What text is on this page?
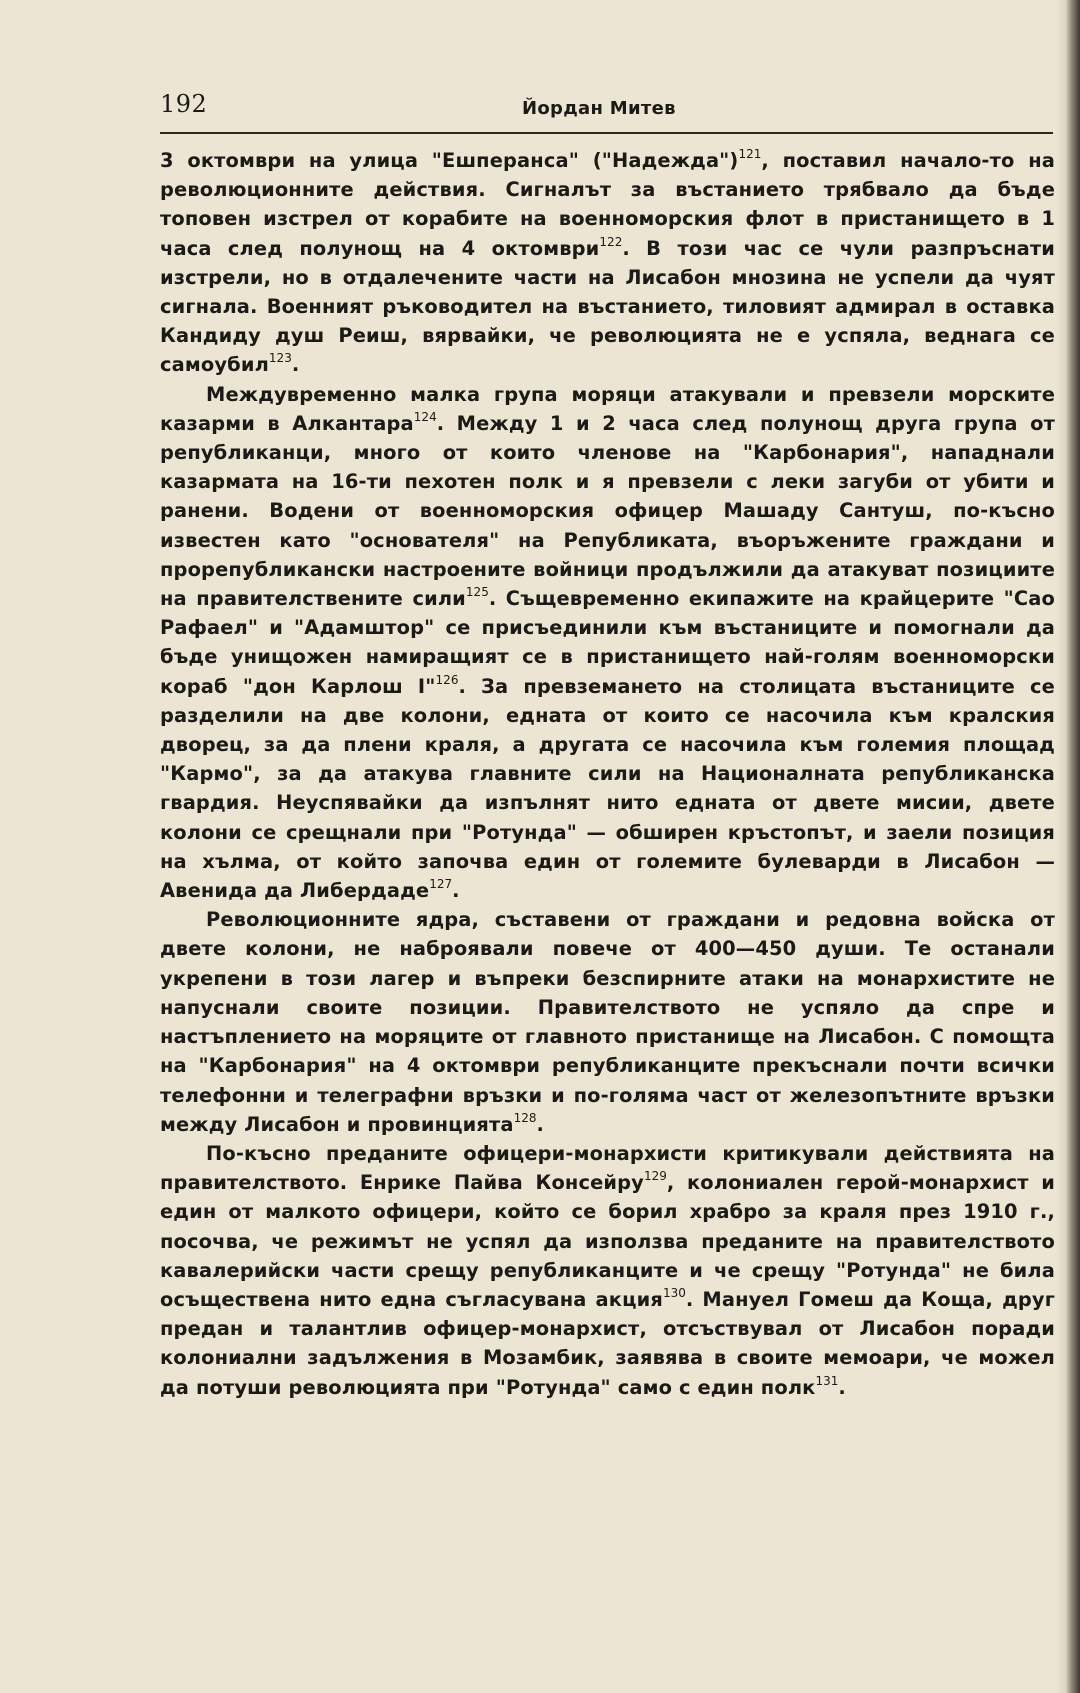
192	Йордан Митев

3 октомври на улица "Ешперанса" ("Надежда")$^{121}$, поставил начало-то на революционните действия. Сигналът за въстанието трябвало да бъде топовен изстрел от корабите на военноморския флот в пристанището в 1 часа след полунощ на 4 октомври$^{122}$. В този час се чули разпръснати изстрели, но в отдалечените части на Лисабон мнозина не успели да чуят сигнала. Военният ръководител на въстанието, тиловият адмирал в оставка Кандиду душ Реиш, вярвайки, че революцията не е успяла, веднага се самоубил$^{123}$.

Междувременно малка група моряци атакували и превзели морските казарми в Алкантара$^{124}$. Между 1 и 2 часа след полунощ друга група от републиканци, много от които членове на "Карбонария", нападнали казармата на 16-ти пехотен полк и я превзели с леки загуби от убити и ранени. Водени от военноморския офицер Машаду Сантуш, по-късно известен като "основателя" на Републиката, въоръжените граждани и прорепубликански настроените войници продължили да атакуват позициите на правителствените сили$^{125}$. Същевременно екипажите на крайцерите "Сао Рафаел" и "Адамштор" се присъединили към въстаниците и помогнали да бъде унищожен намиращият се в пристанището най-голям военноморски кораб "дон Карлош I"$^{126}$. За превземането на столицата въстаниците се разделили на две колони, едната от които се насочила към кралския дворец, за да плени краля, а другата се насочила към големия площад "Кармо", за да атакува главните сили на Националната републиканска гвардия. Неуспявайки да изпълнят нито едната от двете мисии, двете колони се срещнали при "Ротунда" — обширен кръстопът, и заели позиция на хълма, от който започва един от големите булеварди в Лисабон — Авенида да Либердаде$^{127}$.

Революционните ядра, съставени от граждани и редовна войска от двете колони, не наброявали повече от 400—450 души. Те останали укрепени в този лагер и въпреки безспирните атаки на монархистите не напуснали своите позиции. Правителството не успяло да спре и настъплението на моряците от главното пристанище на Лисабон. С помощта на "Карбонария" на 4 октомври републиканците прекъснали почти всички телефонни и телеграфни връзки и по-голяма част от железопътните връзки между Лисабон и провинцията$^{128}$.

По-късно преданите офицери-монархисти критикували действията на правителството. Енрике Пайва Консейру$^{129}$, колониален герой-монархист и един от малкото офицери, който се борил храбро за краля през 1910 г., посочва, че режимът не успял да използва преданите на правителството кавалерийски части срещу републиканците и че срещу "Ротунда" не била осъществена нито една съгласувана акция$^{130}$. Мануел Гомеш да Коща, друг предан и талантлив офицер-монархист, отсъствувал от Лисабон поради колониални задължения в Мозамбик, заявява в своите мемоари, че можел да потуши революцията при "Ротунда" само с един полк$^{131}$.
